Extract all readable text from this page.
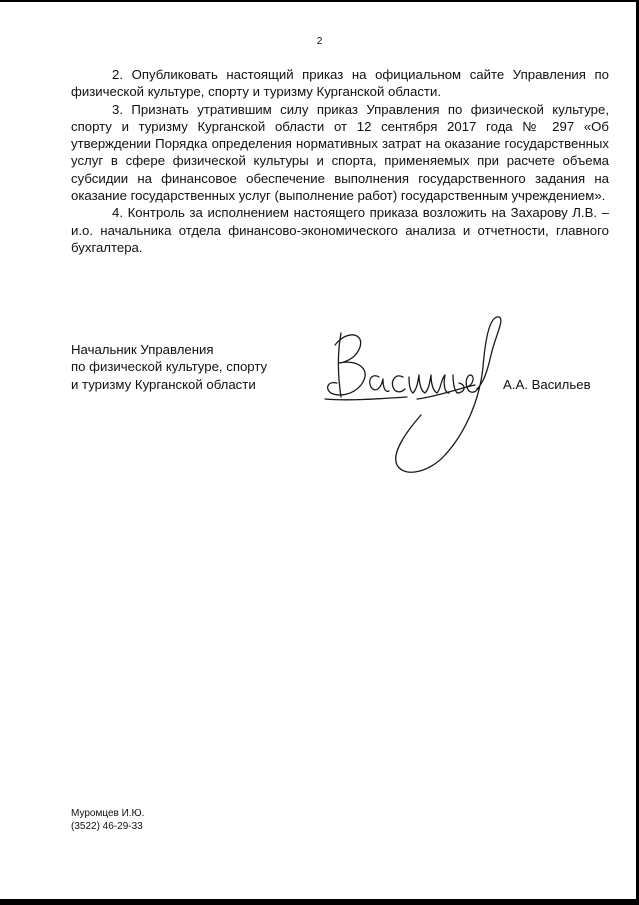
2

2. Опубликовать настоящий приказ на официальном сайте Управления по физической культуре, спорту и туризму Курганской области.

3. Признать утратившим силу приказ Управления по физической культуре, спорту и туризму Курганской области от 12 сентября 2017 года № 297 «Об утверждении Порядка определения нормативных затрат на оказание государственных услуг в сфере физической культуры и спорта, применяемых при расчете объема субсидии на финансовое обеспечение выполнения государственного задания на оказание государственных услуг (выполнение работ) государственным учреждением».

4. Контроль за исполнением настоящего приказа возложить на Захарову Л.В. – и.о. начальника отдела финансово-экономического анализа и отчетности, главного бухгалтера.

Начальник Управления
по физической культуре, спорту
и туризму Курганской области	А.А. Васильев
Муромцев И.Ю.
(3522) 46-29-33
